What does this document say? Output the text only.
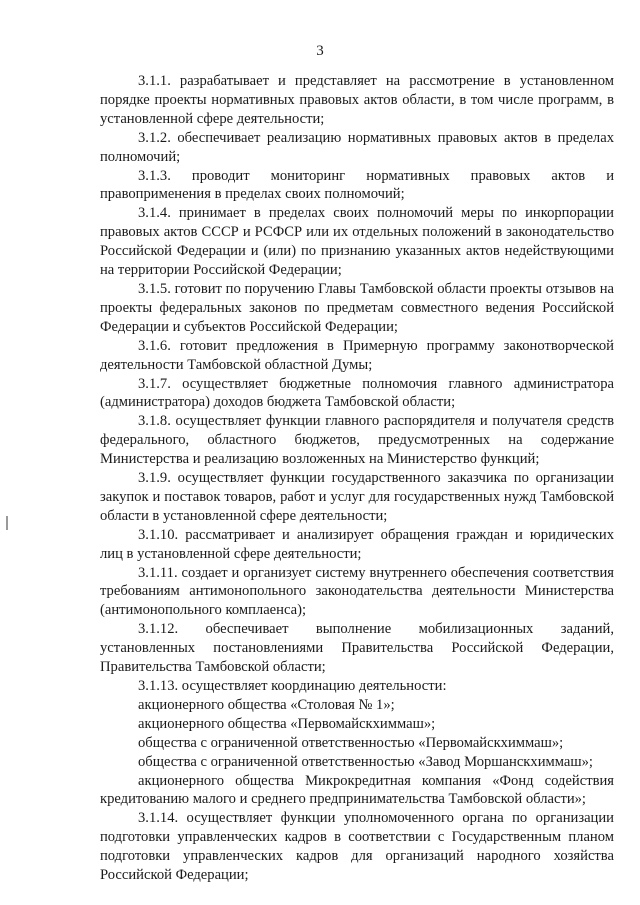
3

3.1.1. разрабатывает и представляет на рассмотрение в установленном порядке проекты нормативных правовых актов области, в том числе программ, в установленной сфере деятельности;

3.1.2. обеспечивает реализацию нормативных правовых актов в пределах полномочий;

3.1.3. проводит мониторинг нормативных правовых актов и правоприменения в пределах своих полномочий;

3.1.4. принимает в пределах своих полномочий меры по инкорпорации правовых актов СССР и РСФСР или их отдельных положений в законодательство Российской Федерации и (или) по признанию указанных актов недействующими на территории Российской Федерации;

3.1.5. готовит по поручению Главы Тамбовской области проекты отзывов на проекты федеральных законов по предметам совместного ведения Российской Федерации и субъектов Российской Федерации;

3.1.6. готовит предложения в Примерную программу законотворческой деятельности Тамбовской областной Думы;

3.1.7. осуществляет бюджетные полномочия главного администратора (администратора) доходов бюджета Тамбовской области;

3.1.8. осуществляет функции главного распорядителя и получателя средств федерального, областного бюджетов, предусмотренных на содержание Министерства и реализацию возложенных на Министерство функций;

3.1.9. осуществляет функции государственного заказчика по организации закупок и поставок товаров, работ и услуг для государственных нужд Тамбовской области в установленной сфере деятельности;

3.1.10. рассматривает и анализирует обращения граждан и юридических лиц в установленной сфере деятельности;

3.1.11. создает и организует систему внутреннего обеспечения соответствия требованиям антимонопольного законодательства деятельности Министерства (антимонопольного комплаенса);

3.1.12. обеспечивает выполнение мобилизационных заданий, установленных постановлениями Правительства Российской Федерации, Правительства Тамбовской области;

3.1.13. осуществляет координацию деятельности:

акционерного общества «Столовая № 1»;

акционерного общества «Первомайскхиммаш»;

общества с ограниченной ответственностью «Первомайскхиммаш»;

общества с ограниченной ответственностью «Завод Моршанскхиммаш»;

акционерного общества Микрокредитная компания «Фонд содействия кредитованию малого и среднего предпринимательства Тамбовской области»;

3.1.14. осуществляет функции уполномоченного органа по организации подготовки управленческих кадров в соответствии с Государственным планом подготовки управленческих кадров для организаций народного хозяйства Российской Федерации;
